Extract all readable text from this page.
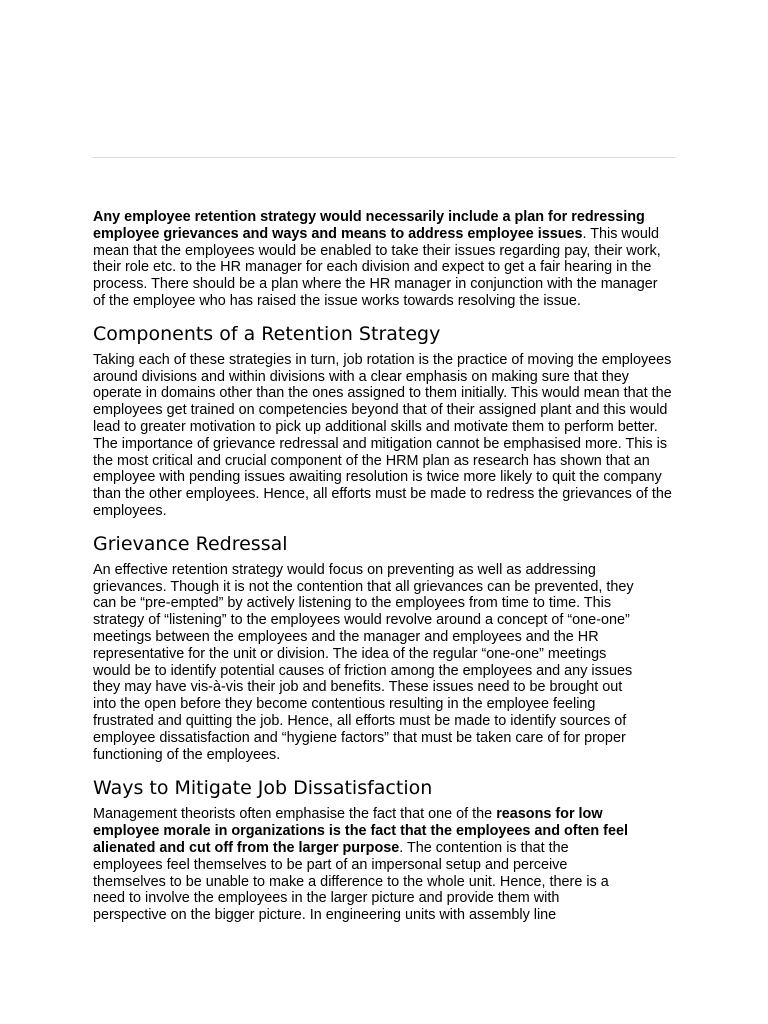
Any employee retention strategy would necessarily include a plan for redressing
employee grievances and ways and means to address employee issues. This would
mean that the employees would be enabled to take their issues regarding pay, their work,
their role etc. to the HR manager for each division and expect to get a fair hearing in the
process. There should be a plan where the HR manager in conjunction with the manager
of the employee who has raised the issue works towards resolving the issue.

Components of a Retention Strategy

Taking each of these strategies in turn, job rotation is the practice of moving the employees
around divisions and within divisions with a clear emphasis on making sure that they
operate in domains other than the ones assigned to them initially. This would mean that the
employees get trained on competencies beyond that of their assigned plant and this would
lead to greater motivation to pick up additional skills and motivate them to perform better.
The importance of grievance redressal and mitigation cannot be emphasised more. This is
the most critical and crucial component of the HRM plan as research has shown that an
employee with pending issues awaiting resolution is twice more likely to quit the company
than the other employees. Hence, all efforts must be made to redress the grievances of the
employees.

Grievance Redressal

An effective retention strategy would focus on preventing as well as addressing
grievances. Though it is not the contention that all grievances can be prevented, they
can be “pre-empted” by actively listening to the employees from time to time. This
strategy of “listening” to the employees would revolve around a concept of “one-one”
meetings between the employees and the manager and employees and the HR
representative for the unit or division. The idea of the regular “one-one” meetings
would be to identify potential causes of friction among the employees and any issues
they may have vis-à-vis their job and benefits. These issues need to be brought out
into the open before they become contentious resulting in the employee feeling
frustrated and quitting the job. Hence, all efforts must be made to identify sources of
employee dissatisfaction and “hygiene factors” that must be taken care of for proper
functioning of the employees.

Ways to Mitigate Job Dissatisfaction

Management theorists often emphasise the fact that one of the reasons for low
employee morale in organizations is the fact that the employees and often feel
alienated and cut off from the larger purpose. The contention is that the
employees feel themselves to be part of an impersonal setup and perceive
themselves to be unable to make a difference to the whole unit. Hence, there is a
need to involve the employees in the larger picture and provide them with
perspective on the bigger picture. In engineering units with assembly line
